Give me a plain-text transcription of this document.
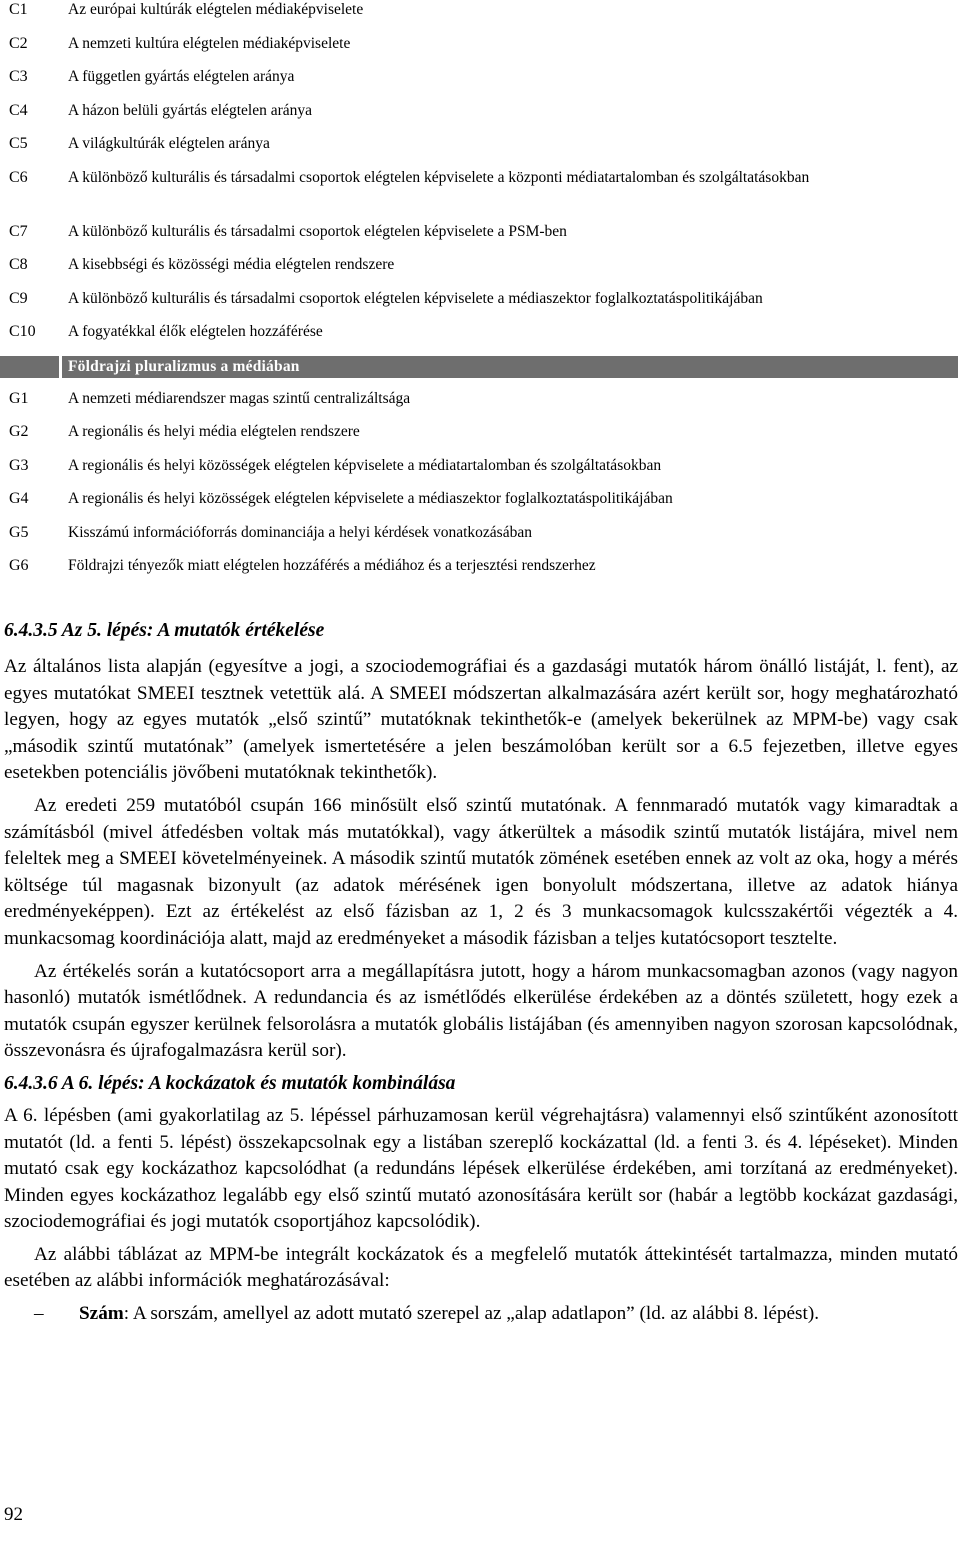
C1	Az európai kultúrák elégtelen médiaképviselete
C2	A nemzeti kultúra elégtelen médiaképviselete
C3	A független gyártás elégtelen aránya
C4	A házon belüli gyártás elégtelen aránya
C5	A világkultúrák elégtelen aránya
C6	A különböző kulturális és társadalmi csoportok elégtelen képviselete a központi médiatartalomban és szolgáltatásokban
C7	A különböző kulturális és társadalmi csoportok elégtelen képviselete a PSM-ben
C8	A kisebbségi és közösségi média elégtelen rendszere
C9	A különböző kulturális és társadalmi csoportok elégtelen képviselete a médiaszektor foglalkoztatáspolitikájában
C10	A fogyatékkal élők elégtelen hozzáférése
Földrajzi pluralizmus a médiában
G1	A nemzeti médiarendszer magas szintű centralizáltsága
G2	A regionális és helyi média elégtelen rendszere
G3	A regionális és helyi közösségek elégtelen képviselete a médiatartalomban és szolgáltatásokban
G4	A regionális és helyi közösségek elégtelen képviselete a médiaszektor foglalkoztatáspolitikájában
G5	Kisszámú információforrás dominanciája a helyi kérdések vonatkozásában
G6	Földrajzi tényezők miatt elégtelen hozzáférés a médiához és a terjesztési rendszerhez
6.4.3.5 Az 5. lépés: A mutatók értékelése

Az általános lista alapján (egyesítve a jogi, a szociodemográfiai és a gazdasági mutatók három önálló listáját, l. fent), az egyes mutatókat SMEEI tesztnek vetettük alá. A SMEEI módszertan alkalmazására azért került sor, hogy meghatározható legyen, hogy az egyes mutatók „első szintű” mutatóknak tekinthetők-e (amelyek bekerülnek az MPM-be) vagy csak „második szintű mutatónak” (amelyek ismertetésére a jelen beszámolóban került sor a 6.5 fejezetben, illetve egyes esetekben potenciális jövőbeni mutatóknak tekinthetők).

Az eredeti 259 mutatóból csupán 166 minősült első szintű mutatónak. A fennmaradó mutatók vagy kimaradtak a számításból (mivel átfedésben voltak más mutatókkal), vagy átkerültek a második szintű mutatók listájára, mivel nem feleltek meg a SMEEI követelményeinek. A második szintű mutatók zömének esetében ennek az volt az oka, hogy a mérés költsége túl magasnak bizonyult (az adatok mérésének igen bonyolult módszertana, illetve az adatok hiánya eredményeképpen). Ezt az értékelést az első fázisban az 1, 2 és 3 munkacsomagok kulcsszakértői végezték a 4. munkacsomag koordinációja alatt, majd az eredményeket a második fázisban a teljes kutatócsoport tesztelte.

Az értékelés során a kutatócsoport arra a megállapításra jutott, hogy a három munkacsomagban azonos (vagy nagyon hasonló) mutatók ismétlődnek. A redundancia és az ismétlődés elkerülése érdekében az a döntés született, hogy ezek a mutatók csupán egyszer kerülnek felsorolásra a mutatók globális listájában (és amennyiben nagyon szorosan kapcsolódnak, összevonásra és újrafogalmazásra kerül sor).

6.4.3.6 A 6. lépés: A kockázatok és mutatók kombinálása

A 6. lépésben (ami gyakorlatilag az 5. lépéssel párhuzamosan kerül végrehajtásra) valamennyi első szintűként azonosított mutatót (ld. a fenti 5. lépést) összekapcsolnak egy a listában szereplő kockázattal (ld. a fenti 3. és 4. lépéseket). Minden mutató csak egy kockázathoz kapcsolódhat (a redundáns lépések elkerülése érdekében, ami torzítaná az eredményeket). Minden egyes kockázathoz legalább egy első szintű mutató azonosítására került sor (habár a legtöbb kockázat gazdasági, szociodemográfiai és jogi mutatók csoportjához kapcsolódik).

Az alábbi táblázat az MPM-be integrált kockázatok és a megfelelő mutatók áttekintését tartalmazza, minden mutató esetében az alábbi információk meghatározásával:

–	Szám: A sorszám, amellyel az adott mutató szerepel az „alap adatlapon” (ld. az alábbi 8. lépést).
92
